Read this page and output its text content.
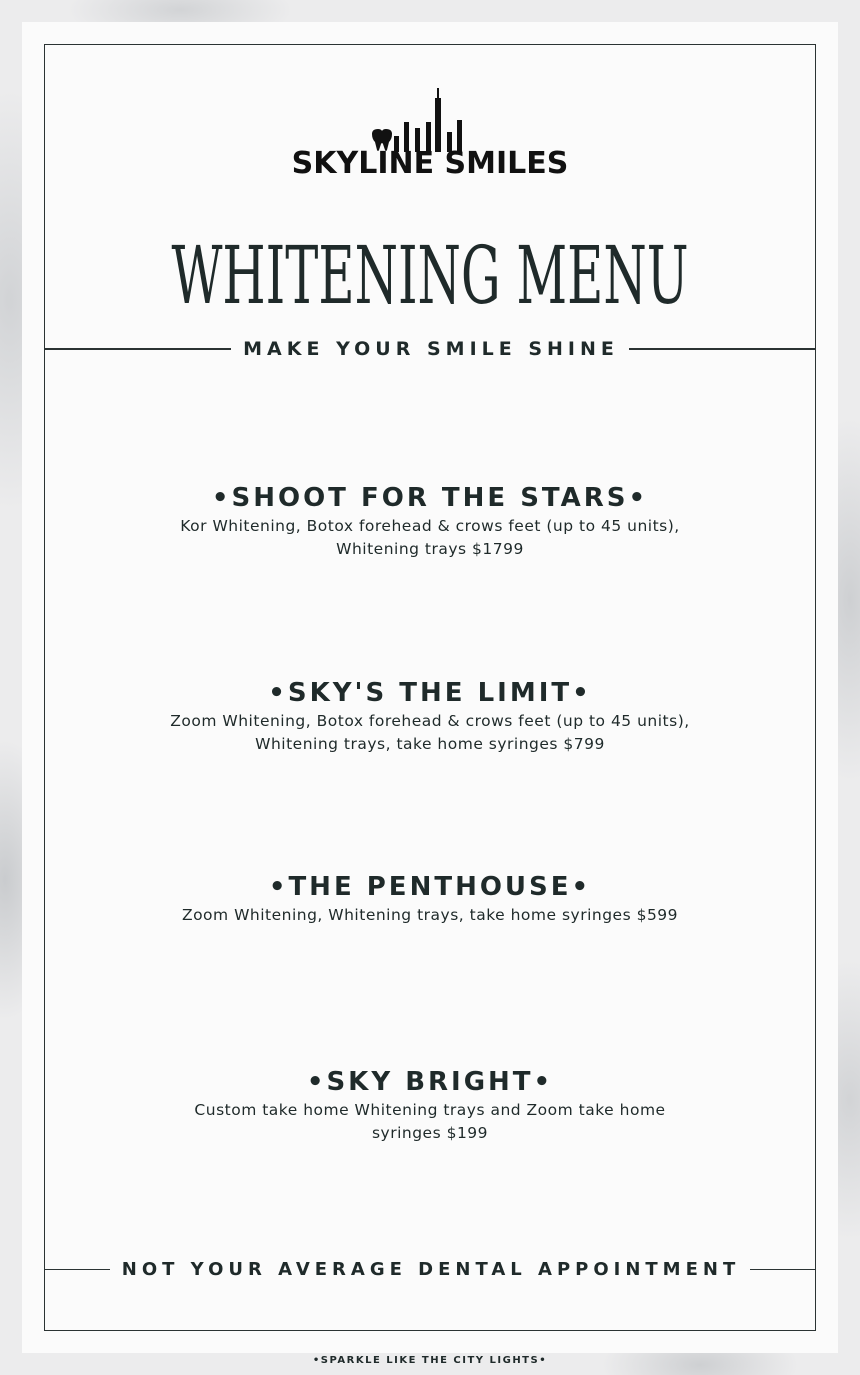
SKYLINE SMILES
WHITENING MENU
MAKE YOUR SMILE SHINE
•SHOOT FOR THE STARS•
Kor Whitening, Botox forehead & crows feet (up to 45 units), Whitening trays $1799
•SKY'S THE LIMIT•
Zoom Whitening, Botox forehead & crows feet (up to 45 units), Whitening trays, take home syringes $799
•THE PENTHOUSE•
Zoom Whitening, Whitening trays, take home syringes $599
•SKY BRIGHT•
Custom take home Whitening trays and Zoom take home syringes $199
NOT YOUR AVERAGE DENTAL APPOINTMENT
•SPARKLE LIKE THE CITY LIGHTS•
